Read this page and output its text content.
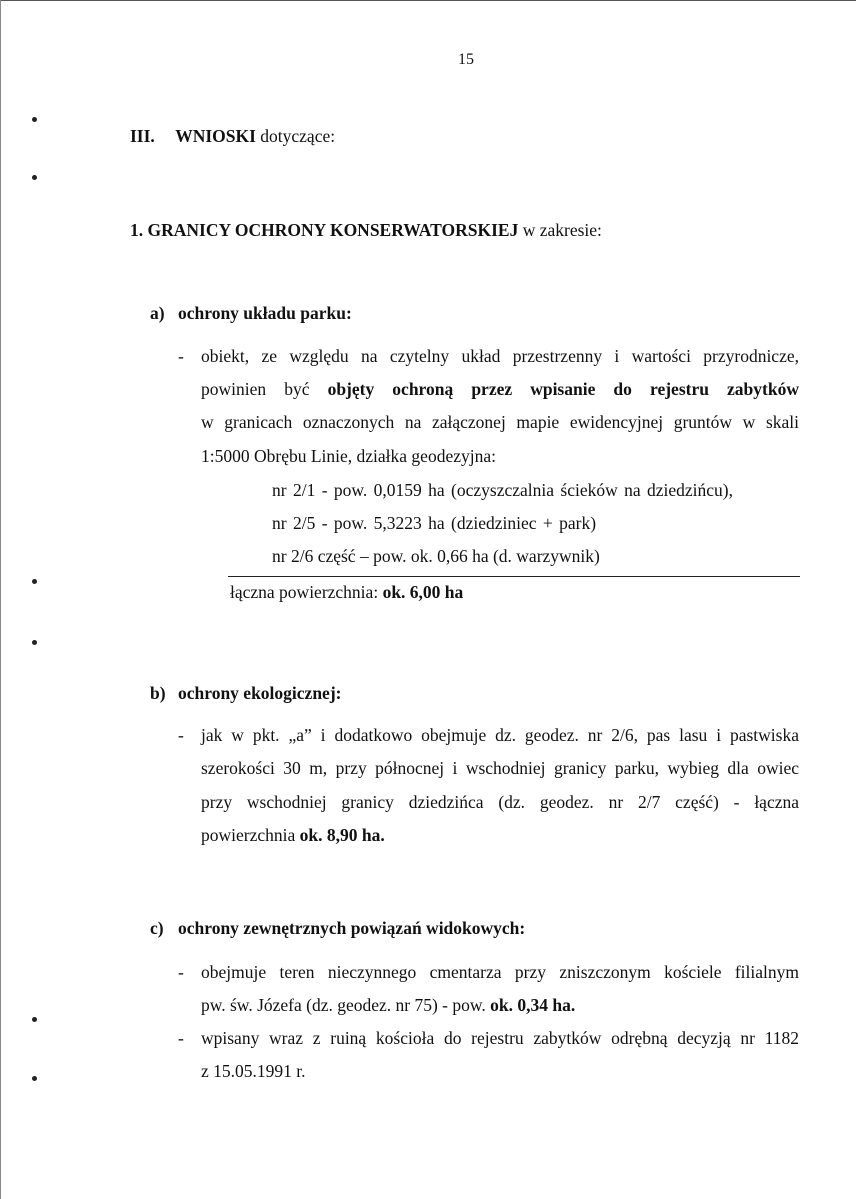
15
III. WNIOSKI dotyczące:
1. GRANICY OCHRONY KONSERWATORSKIEJ w zakresie:
a) ochrony układu parku:
- obiekt, ze względu na czytelny układ przestrzenny i wartości przyrodnicze,
powinien być objęty ochroną przez wpisanie do rejestru zabytków
w granicach oznaczonych na załączonej mapie ewidencyjnej gruntów w skali
1:5000 Obrębu Linie, działka geodezyjna:
nr 2/1 - pow. 0,0159 ha (oczyszczalnia ścieków na dziedzińcu),
nr 2/5 - pow. 5,3223 ha (dziedziniec + park)
nr 2/6 część – pow. ok. 0,66 ha (d. warzywnik)
łączna powierzchnia: ok. 6,00 ha
b) ochrony ekologicznej:
- jak w pkt. „a” i dodatkowo obejmuje dz. geodez. nr 2/6, pas lasu i pastwiska
szerokości 30 m, przy północnej i wschodniej granicy parku, wybieg dla owiec
przy wschodniej granicy dziedzińca (dz. geodez. nr 2/7 część) - łączna
powierzchnia ok. 8,90 ha.
c) ochrony zewnętrznych powiązań widokowych:
- obejmuje teren nieczynnego cmentarza przy zniszczonym kościele filialnym
pw. św. Józefa (dz. geodez. nr 75) - pow. ok. 0,34 ha.
- wpisany wraz z ruiną kościoła do rejestru zabytków odrębną decyzją nr 1182
z 15.05.1991 r.
